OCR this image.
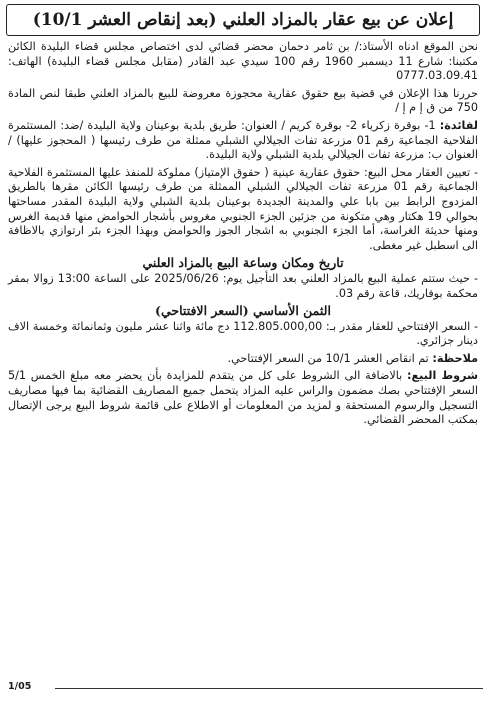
إعلان عن بيع عقار بالمزاد العلني (بعد إنقاص العشر 10/1)

نحن الموقع ادناه الأستاذ:/ بن ثامر دحمان محضر قضائي لدى اختصاص مجلس قضاء البليدة الكائن مكتبنا: شارع 11 ديسمبر 1960 رقم 100 سيدي عبد القادر (مقابل مجلس قضاء البليدة) الهاتف: 0777.03.09.41

حررنا هذا الإعلان في قضية بيع حقوق عقارية محجوزة معروضة للبيع بالمزاد العلني طبقا لنص المادة 750 من ق إ م إ /

لفائدة: 1- بوقرة زكرياء 2- بوقرة كريم / العنوان: طريق بلدية بوعينان ولاية البليدة /ضد: المستثمرة الفلاحية الجماعية رقم 01 مزرعة تفات الجيلالي الشبلي ممثلة من طرف رئيسها ( المحجوز عليها) / العنوان ب: مزرعة تفات الجيلالي بلدية الشبلي ولاية البليدة.

- تعيين العقار محل البيع: حقوق عقارية عينية ( حقوق الإمتياز) مملوكة للمنفذ عليها المستثمرة الفلاحية الجماعية رقم 01 مزرعة تفات الجيلالي الشبلي الممثلة من طرف رئيسها الكائن مقرها بالطريق المزدوج الرابط بين بابا علي والمدينة الجديدة بوعينان بلدية الشبلي ولاية البليدة المقدر مساحتها بحوالي 19 هكتار وهي متكونة من جزئين الجزء الجنوبي مغروس بأشجار الحوامض منها قديمة الغرس ومنها حديثة الغراسة، أما الجزء الجنوبي به اشجار الجوز والحوامض وبهذا الجزء بئر ارتوازي بالاظافة الى اسطبل غير مغطى.

تاريخ ومكان وساعة البيع بالمزاد العلني

- حيث ستتم عملية البيع بالمزاد العلني بعد التأجيل يوم: 2025/06/26 على الساعة 13:00 زوالا بمقر محكمة بوفاريك، قاعة رقم 03.

الثمن الأساسي (السعر الافتتاحي)

- السعر الإفتتاحي للعقار مقدر بـ: 112.805.000,00 دج مائة واثنا عشر مليون وثمانمائة وخمسة الاف دينار جزائري.

ملاحظة: تم انقاص العشر 10/1 من السعر الإفتتاحي.

شروط البيع: بالاضافة الى الشروط على كل من يتقدم للمزايدة بأن يحضر معه مبلغ الخمس 5/1 السعر الإفتتاحي بصك مضمون والراس عليه المزاد يتحمل جميع المصاريف القضائية بما فيها مصاريف التسجيل والرسوم المستحقة و لمزيد من المعلومات أو الاطلاع على قائمة شروط البيع يرجى الإتصال بمكتب المحضر القضائي.

1/05
